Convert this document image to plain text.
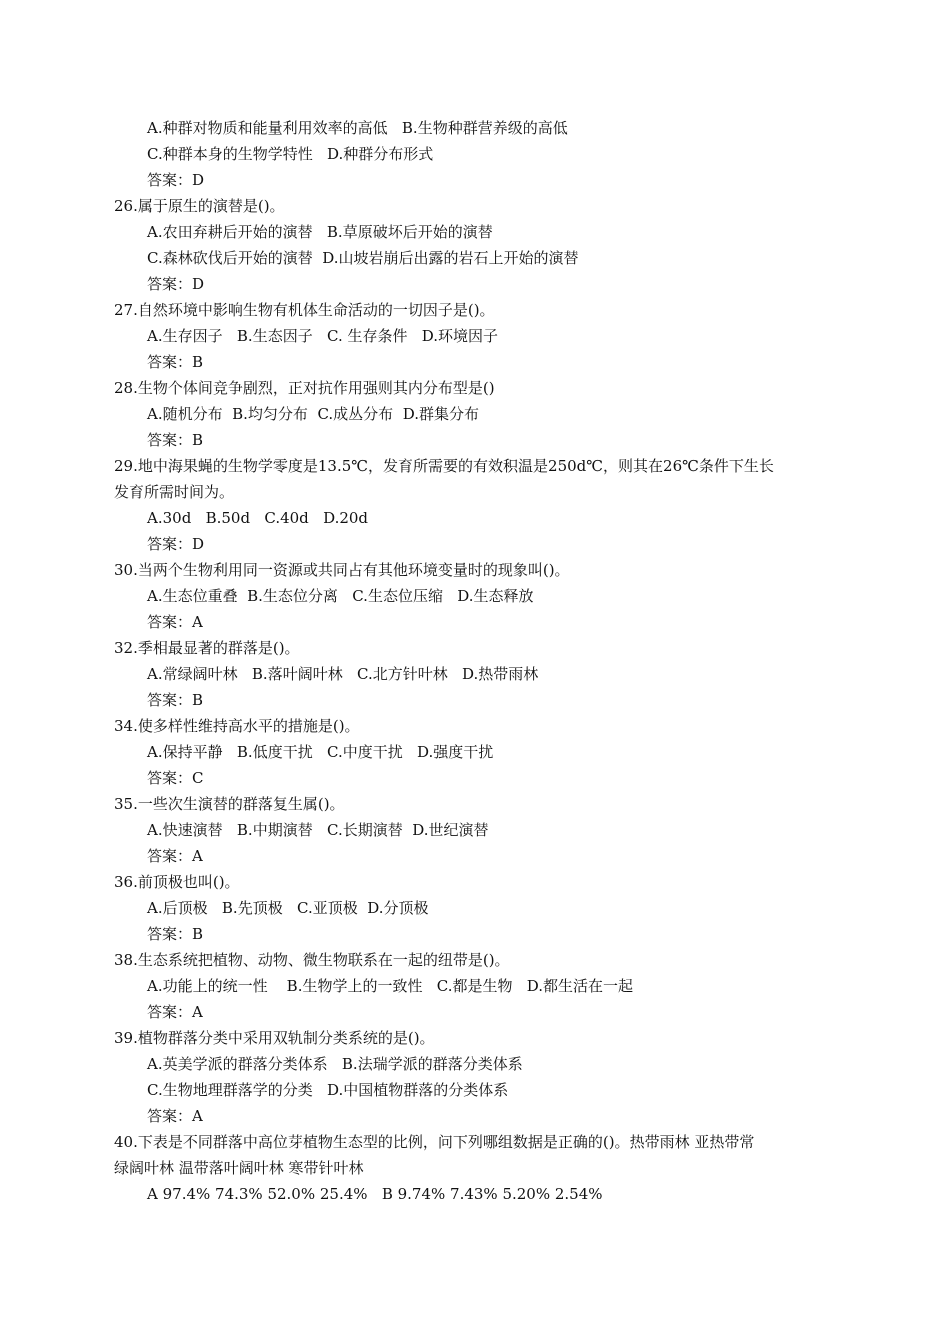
A.种群对物质和能量利用效率的高低   B.生物种群营养级的高低
C.种群本身的生物学特性   D.种群分布形式
答案：D
26.属于原生的演替是()。
A.农田弃耕后开始的演替   B.草原破坏后开始的演替
C.森林砍伐后开始的演替  D.山坡岩崩后出露的岩石上开始的演替
答案：D
27.自然环境中影响生物有机体生命活动的一切因子是()。
A.生存因子   B.生态因子   C. 生存条件   D.环境因子
答案：B
28.生物个体间竞争剧烈，正对抗作用强则其内分布型是()
A.随机分布  B.均匀分布  C.成丛分布  D.群集分布
答案：B
29.地中海果蝇的生物学零度是13.5℃，发育所需要的有效积温是250d℃，则其在26℃条件下生长
发育所需时间为。
A.30d   B.50d   C.40d   D.20d
答案：D
30.当两个生物利用同一资源或共同占有其他环境变量时的现象叫()。
A.生态位重叠  B.生态位分离   C.生态位压缩   D.生态释放
答案：A
32.季相最显著的群落是()。
A.常绿阔叶林   B.落叶阔叶林   C.北方针叶林   D.热带雨林
答案：B
34.使多样性维持高水平的措施是()。
A.保持平静   B.低度干扰   C.中度干扰   D.强度干扰
答案：C
35.一些次生演替的群落复生属()。
A.快速演替   B.中期演替   C.长期演替  D.世纪演替
答案：A
36.前顶极也叫()。
A.后顶极   B.先顶极   C.亚顶极  D.分顶极
答案：B
38.生态系统把植物、动物、微生物联系在一起的纽带是()。
A.功能上的统一性    B.生物学上的一致性   C.都是生物   D.都生活在一起
答案：A
39.植物群落分类中采用双轨制分类系统的是()。
A.英美学派的群落分类体系   B.法瑞学派的群落分类体系
C.生物地理群落学的分类   D.中国植物群落的分类体系
答案：A
40.下表是不同群落中高位芽植物生态型的比例，问下列哪组数据是正确的()。热带雨林 亚热带常
绿阔叶林 温带落叶阔叶林 寒带针叶林
A 97.4% 74.3% 52.0% 25.4%   B 9.74% 7.43% 5.20% 2.54%
